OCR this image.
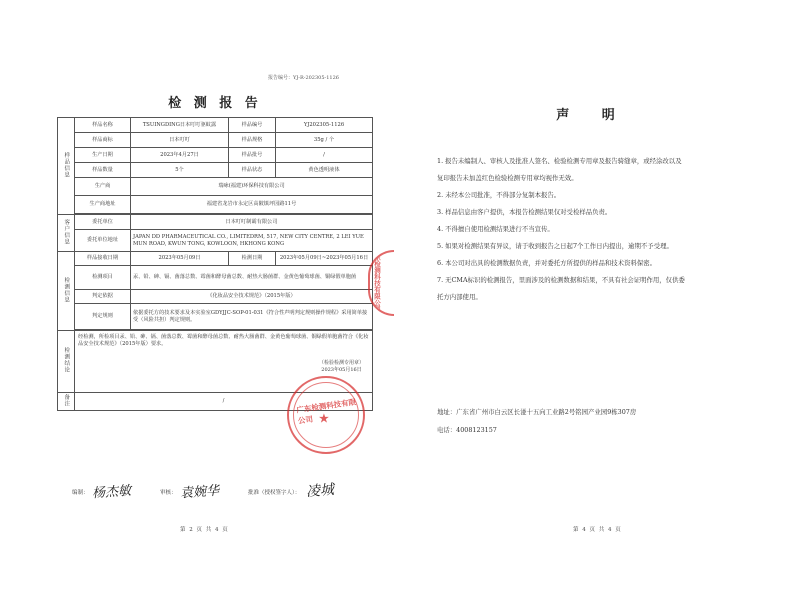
报告编号：YJ-R-202305-1126
检 测 报 告
样品信息	样品名称	TSUINGDING日本叮叮驱蚊露	样品编号	YJ202305-1126
	样品商标	日本叮叮	样品规格	35g / 个
	生产日期	2023年4月27日	样品批号	/
	样品数量	5个	样品状态	黄色透明液体
	生产商	瑞咏(福建)环保科技有限公司		
	生产商地址	福建省龙岩市永定区高陂镇坪园路11号		

客户信息	委托单位	日本叮叮制霸有限公司		
	委托单位地址	JAPAN DD PHARMACEUTICAL CO., LIMITEDRM, 517, NEW CITY CENTRE, 2 LEI YUE MUN ROAD, KWUN TONG, KOWLOON, HKHONG KONG		
检测信息	样品接收日期	2023年05月09日	检测日期	2023年05月09日~2023年05月16日
	检测项目	汞、铅、砷、镉、菌落总数、霉菌和酵母菌总数、耐热大肠菌群、金黄色葡萄球菌、铜绿假单胞菌		
	判定依据	《化妆品安全技术规范》（2015年版）		
	判定规则	依据委托方的技术要求及本实验室GDYJJC-SOP-01-031《符合性声明判定规则操作规程》采用简单接受（风险共担）判定规则。		

检测结论	经检测，所检项目汞、铅、砷、镉、菌落总数、霉菌和酵母菌总数、耐热大肠菌群、金黄色葡萄球菌、铜绿假单胞菌符合《化妆品安全技术规范》（2015年版）要求。
（检验检测专用章）
2023年05月16日			

备注	/				广东检测科技有限公司 ★
东检测科技有限公司
编制： 杨杰敏	审核： 袁婉华	批准（授权签字人）： 凌城
第 2 页 共 4 页
声 明
1. 报告未编制人、审核人及批准人签名、检验检测专用章及报告骑缝章，或经涂改以及
复印报告未加盖红色检验检测专用章均视作无效。
2. 未经本公司批准，不得部分复制本报告。
3. 样品信息由客户提供，本报告检测结果仅对受检样品负责。
4. 不得擅自使用检测结果进行不当宣传。
5. 如果对检测结果有异议，请于收到报告之日起7个工作日内提出，逾期不予受理。
6. 本公司对出具的检测数据负责，并对委托方所提供的样品和技术资料保密。
7. 无CMA标识的检测报告，里面涉及的检测数据和结果，不具有社会证明作用，仅供委
托方内部使用。
地址：广东省广州市白云区长湴十五向工业路2号铭园产业园9栋307房
电话：4008123157
第 4 页 共 4 页
